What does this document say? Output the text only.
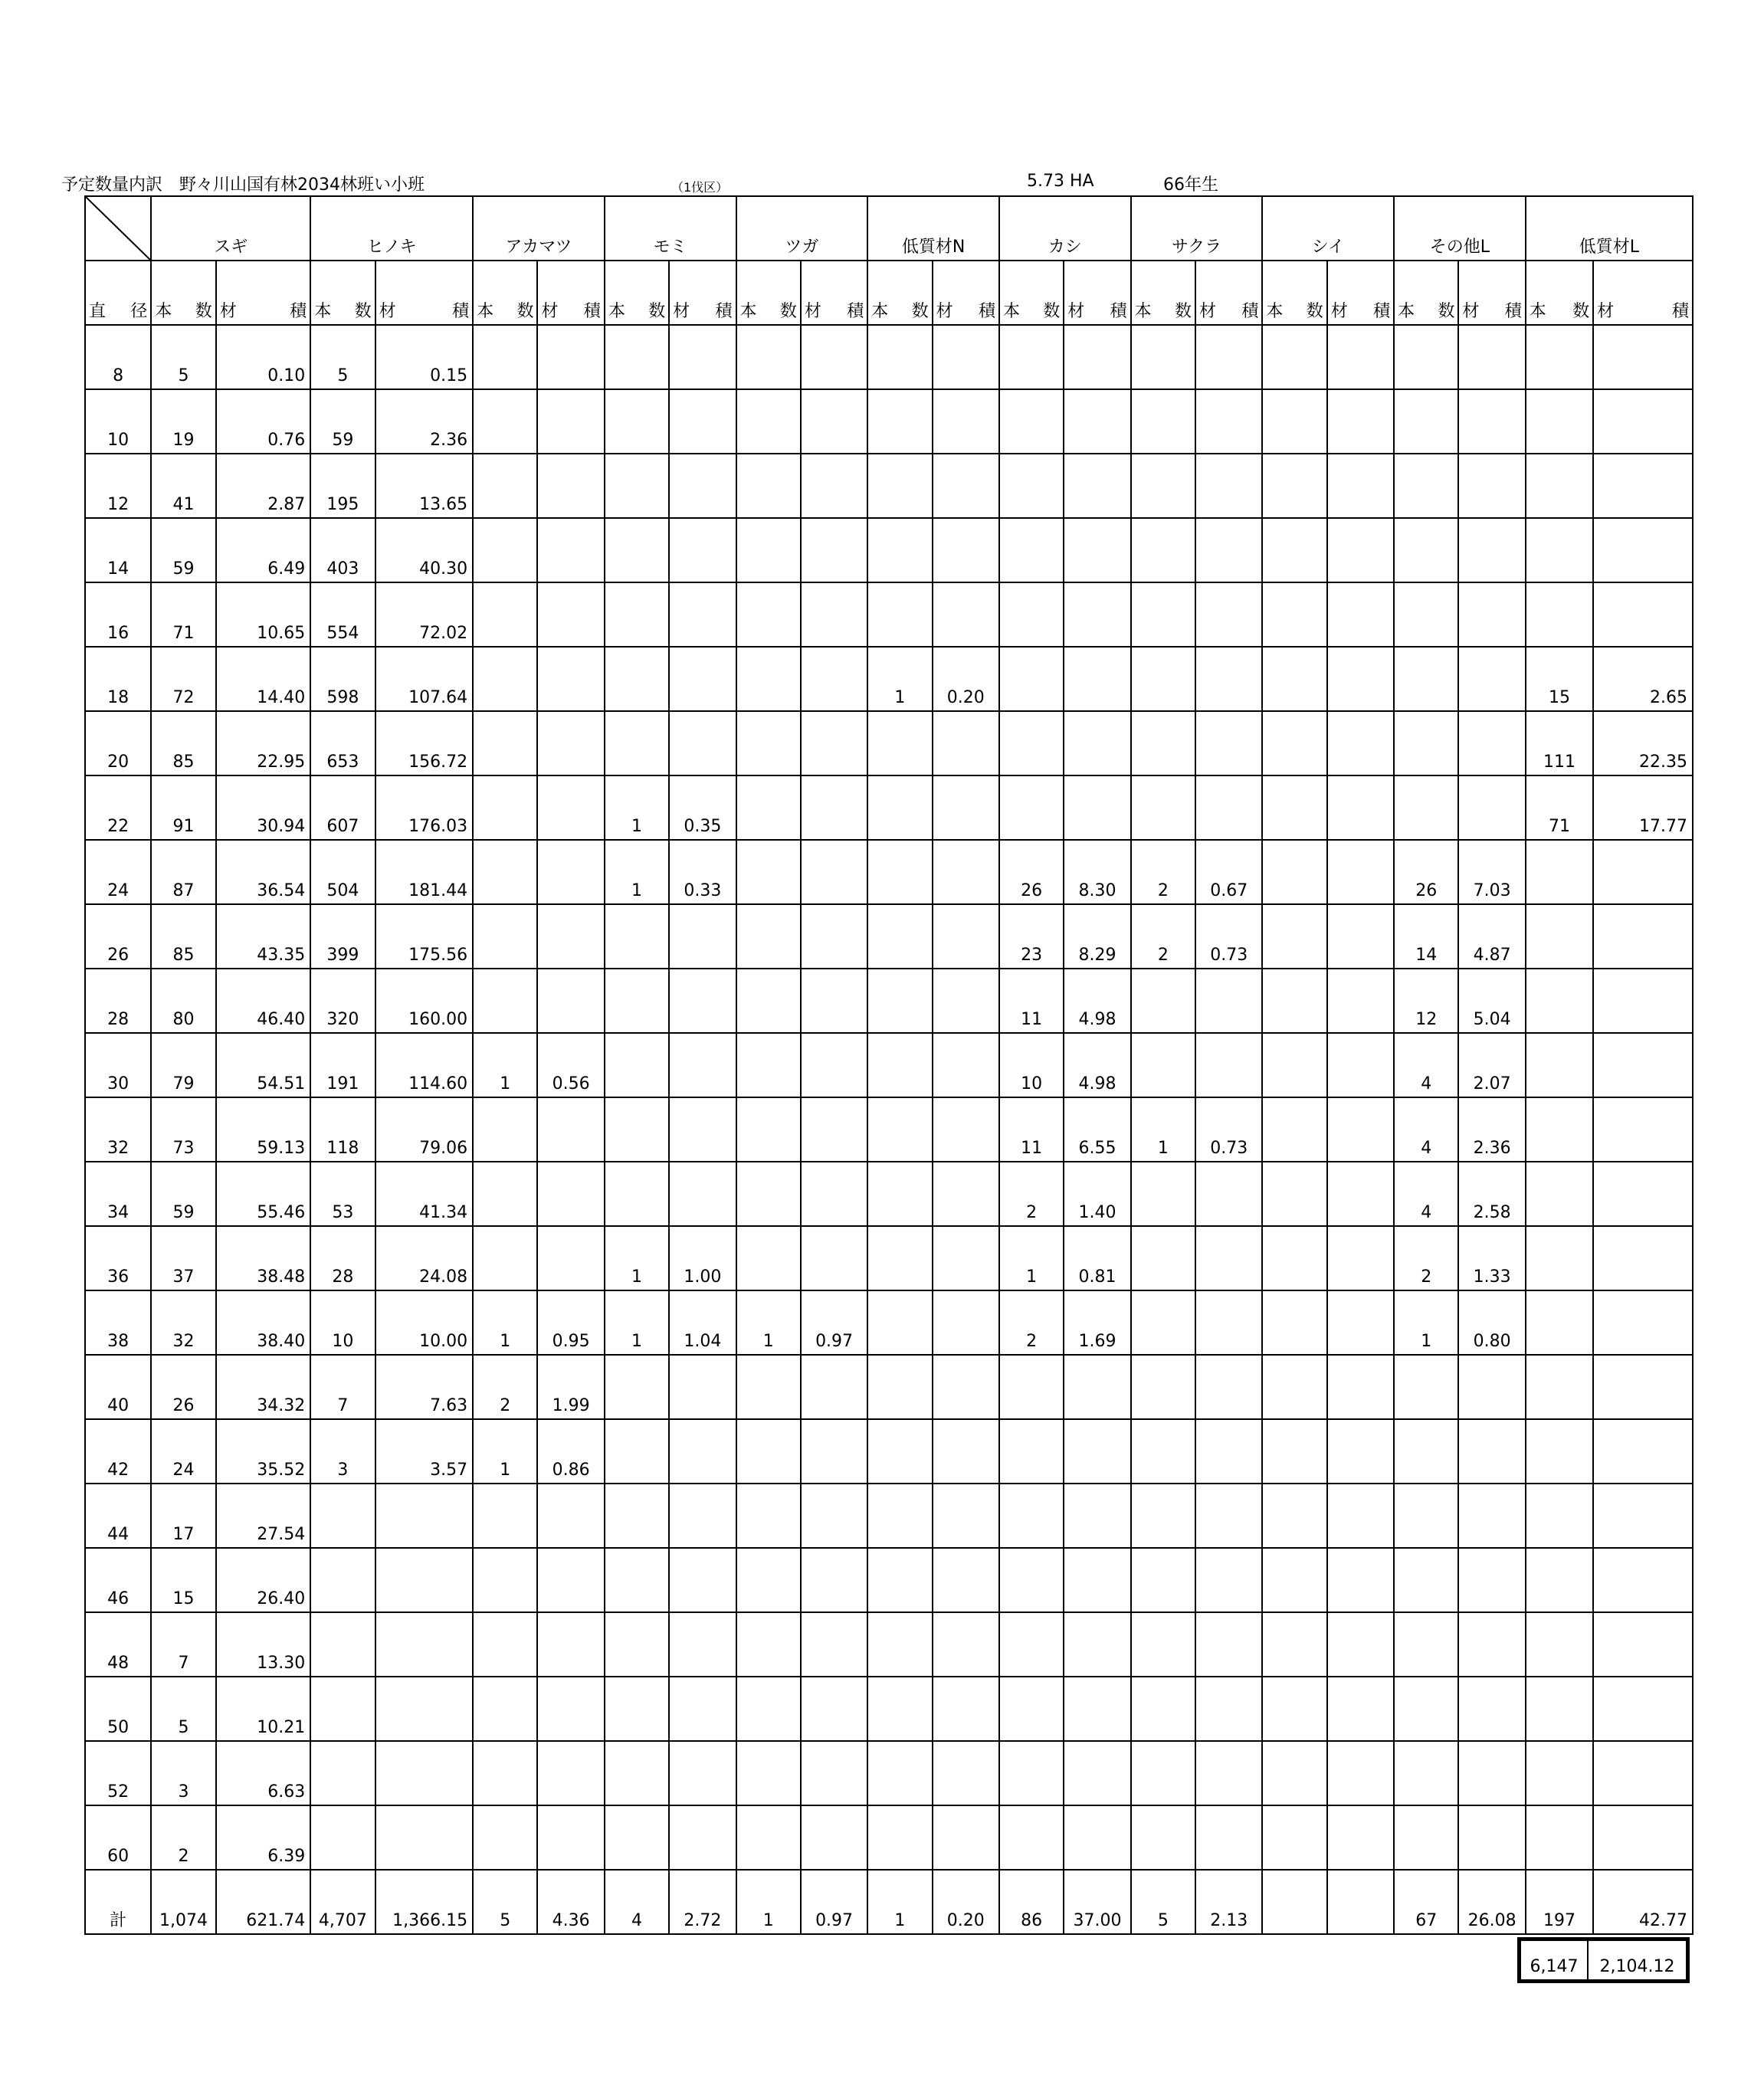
予定数量内訳　野々川山国有林2034林班い小班	（1伐区）	5.73 HA	66年生
	スギ		ヒノキ		アカマツ		モミ		ツガ		低質材N		カシ		サクラ		シイ		その他L		低質材L	
直　径	本　数	材　積	本　数	材　積	本　数	材　積	本　数	材　積	本　数	材　積	本　数	材　積	本　数	材　積	本　数	材　積	本　数	材　積	本　数	材　積	本　数	材　積
8	5	0.10	5	0.15																		
10	19	0.76	59	2.36																		
12	41	2.87	195	13.65																		
14	59	6.49	403	40.30																		
16	71	10.65	554	72.02																		
18	72	14.40	598	107.64							1	0.20									15	2.65
20	85	22.95	653	156.72																	111	22.35
22	91	30.94	607	176.03			1	0.35													71	17.77
24	87	36.54	504	181.44			1	0.33					26	8.30	2	0.67			26	7.03		
26	85	43.35	399	175.56									23	8.29	2	0.73			14	4.87		
28	80	46.40	320	160.00									11	4.98					12	5.04		
30	79	54.51	191	114.60	1	0.56							10	4.98					4	2.07		
32	73	59.13	118	79.06									11	6.55	1	0.73			4	2.36		
34	59	55.46	53	41.34									2	1.40					4	2.58		
36	37	38.48	28	24.08			1	1.00					1	0.81					2	1.33		
38	32	38.40	10	10.00	1	0.95	1	1.04	1	0.97			2	1.69					1	0.80		
40	26	34.32	7	7.63	2	1.99																
42	24	35.52	3	3.57	1	0.86																
44	17	27.54																				
46	15	26.40																				
48	7	13.30																				
50	5	10.21																				
52	3	6.63																				
60	2	6.39																				
計	1,074	621.74	4,707	1,366.15	5	4.36	4	2.72	1	0.97	1	0.20	86	37.00	5	2.13			67	26.08	197	42.77
6,147	2,104.12
